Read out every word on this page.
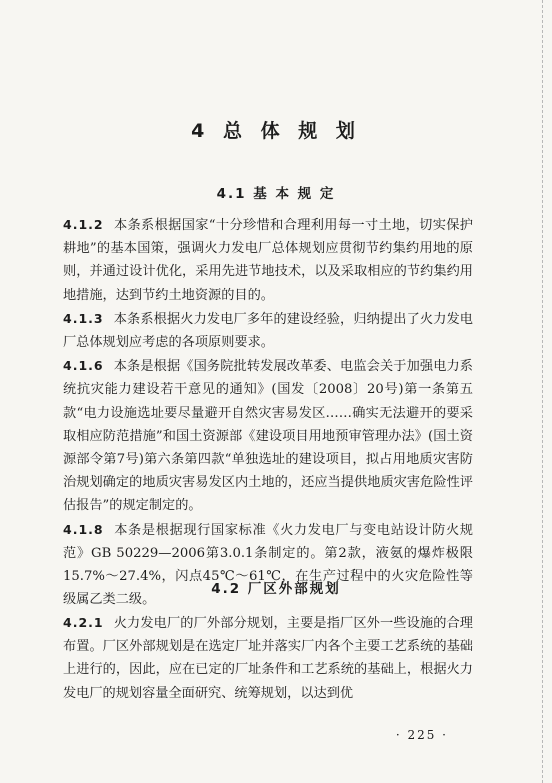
4 总 体 规 划
4.1 基 本 规 定

4.1.2 本条系根据国家“十分珍惜和合理利用每一寸土地，切实保护耕地”的基本国策，强调火力发电厂总体规划应贯彻节约集约用地的原则，并通过设计优化，采用先进节地技术，以及采取相应的节约集约用地措施，达到节约土地资源的目的。

4.1.3 本条系根据火力发电厂多年的建设经验，归纳提出了火力发电厂总体规划应考虑的各项原则要求。

4.1.6 本条是根据《国务院批转发展改革委、电监会关于加强电力系统抗灾能力建设若干意见的通知》(国发〔2008〕20号)第一条第五款“电力设施选址要尽量避开自然灾害易发区……确实无法避开的要采取相应防范措施”和国土资源部《建设项目用地预审管理办法》(国土资源部令第7号)第六条第四款“单独选址的建设项目，拟占用地质灾害防治规划确定的地质灾害易发区内土地的，还应当提供地质灾害危险性评估报告”的规定制定的。

4.1.8 本条是根据现行国家标准《火力发电厂与变电站设计防火规范》GB 50229—2006第3.0.1条制定的。第2款，液氨的爆炸极限15.7%～27.4%，闪点45℃～61℃，在生产过程中的火灾危险性等级属乙类二级。

4.2 厂区外部规划

4.2.1 火力发电厂的厂外部分规划，主要是指厂区外一些设施的合理布置。厂区外部规划是在选定厂址并落实厂内各个主要工艺系统的基础上进行的，因此，应在已定的厂址条件和工艺系统的基础上，根据火力发电厂的规划容量全面研究、统筹规划，以达到优

· 225 ·
